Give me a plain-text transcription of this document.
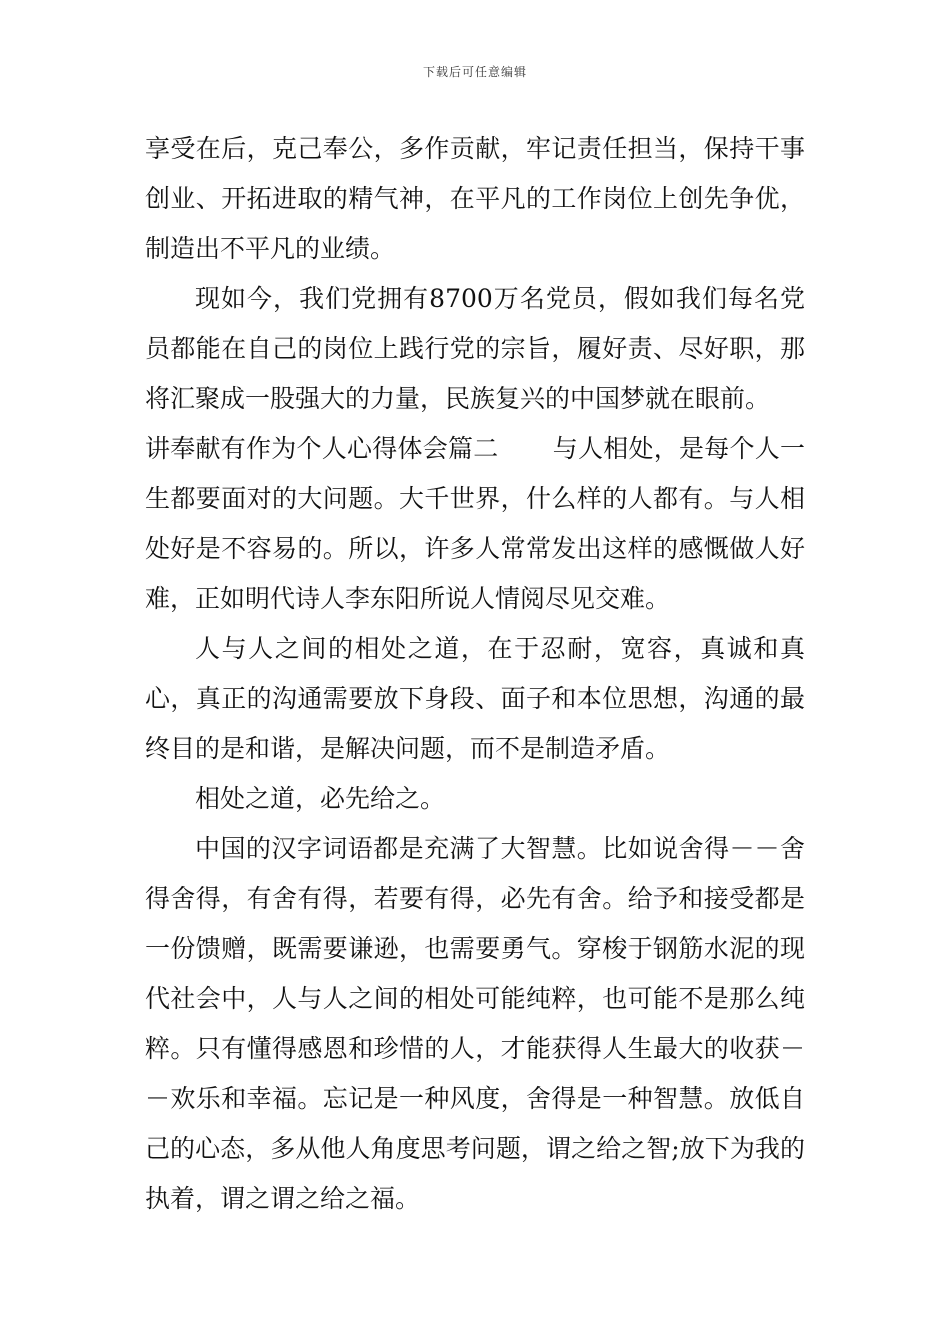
下载后可任意编辑

享受在后，克己奉公，多作贡献，牢记责任担当，保持干事创业、开拓进取的精气神，在平凡的工作岗位上创先争优，制造出不平凡的业绩。

现如今，我们党拥有8700万名党员，假如我们每名党员都能在自己的岗位上践行党的宗旨，履好责、尽好职，那将汇聚成一股强大的力量，民族复兴的中国梦就在眼前。

讲奉献有作为个人心得体会篇二 与人相处，是每个人一生都要面对的大问题。大千世界，什么样的人都有。与人相处好是不容易的。所以，许多人常常发出这样的感慨做人好难，正如明代诗人李东阳所说人情阅尽见交难。

人与人之间的相处之道，在于忍耐，宽容，真诚和真心，真正的沟通需要放下身段、面子和本位思想，沟通的最终目的是和谐，是解决问题，而不是制造矛盾。

相处之道，必先给之。

中国的汉字词语都是充满了大智慧。比如说舍得－－舍得舍得，有舍有得，若要有得，必先有舍。给予和接受都是一份馈赠，既需要谦逊，也需要勇气。穿梭于钢筋水泥的现代社会中，人与人之间的相处可能纯粹，也可能不是那么纯粹。只有懂得感恩和珍惜的人，才能获得人生最大的收获－－欢乐和幸福。忘记是一种风度，舍得是一种智慧。放低自己的心态，多从他人角度思考问题，谓之给之智;放下为我的执着，谓之谓之给之福。
